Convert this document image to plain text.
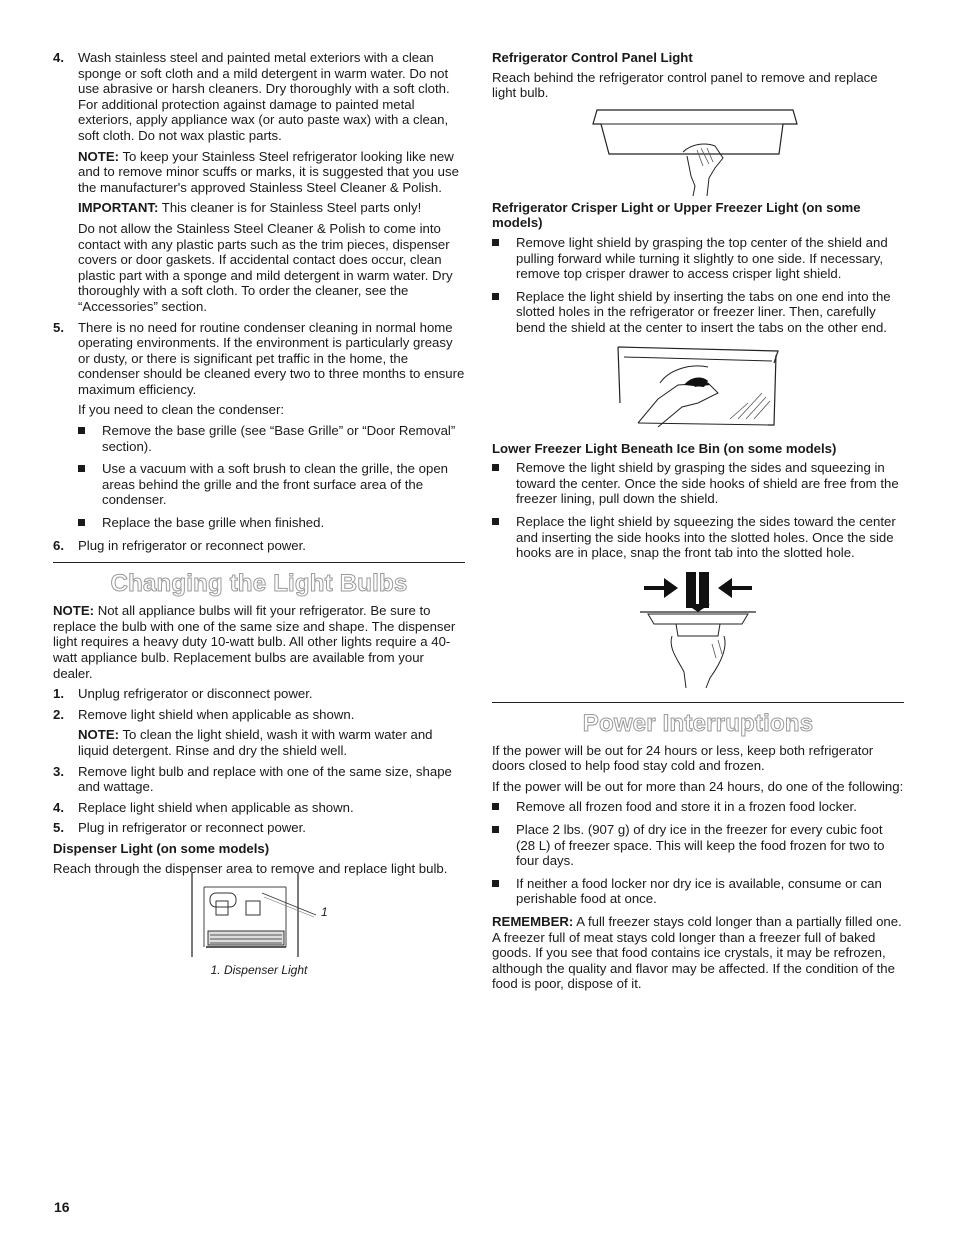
4. Wash stainless steel and painted metal exteriors with a clean sponge or soft cloth and a mild detergent in warm water. Do not use abrasive or harsh cleaners. Dry thoroughly with a soft cloth. For additional protection against damage to painted metal exteriors, apply appliance wax (or auto paste wax) with a clean, soft cloth. Do not wax plastic parts.

NOTE: To keep your Stainless Steel refrigerator looking like new and to remove minor scuffs or marks, it is suggested that you use the manufacturer's approved Stainless Steel Cleaner & Polish.

IMPORTANT: This cleaner is for Stainless Steel parts only!

Do not allow the Stainless Steel Cleaner & Polish to come into contact with any plastic parts such as the trim pieces, dispenser covers or door gaskets. If accidental contact does occur, clean plastic part with a sponge and mild detergent in warm water. Dry thoroughly with a soft cloth. To order the cleaner, see the “Accessories” section.

5. There is no need for routine condenser cleaning in normal home operating environments. If the environment is particularly greasy or dusty, or there is significant pet traffic in the home, the condenser should be cleaned every two to three months to ensure maximum efficiency.

If you need to clean the condenser:

Remove the base grille (see “Base Grille” or “Door Removal” section).
Use a vacuum with a soft brush to clean the grille, the open areas behind the grille and the front surface area of the condenser.
Replace the base grille when finished.
6. Plug in refrigerator or reconnect power.
Changing the Light Bulbs

NOTE: Not all appliance bulbs will fit your refrigerator. Be sure to replace the bulb with one of the same size and shape. The dispenser light requires a heavy duty 10-watt bulb. All other lights require a 40-watt appliance bulb. Replacement bulbs are available from your dealer.

1. Unplug refrigerator or disconnect power.
2. Remove light shield when applicable as shown.

NOTE: To clean the light shield, wash it with warm water and liquid detergent. Rinse and dry the shield well.

3. Remove light bulb and replace with one of the same size, shape and wattage.
4. Replace light shield when applicable as shown.
5. Plug in refrigerator or reconnect power.
Dispenser Light (on some models)

Reach through the dispenser area to remove and replace light bulb.

1
1. Dispenser Light
Refrigerator Control Panel Light

Reach behind the refrigerator control panel to remove and replace light bulb.

Refrigerator Crisper Light or Upper Freezer Light (on some models)
Remove light shield by grasping the top center of the shield and pulling forward while turning it slightly to one side. If necessary, remove top crisper drawer to access crisper light shield.
Replace the light shield by inserting the tabs on one end into the slotted holes in the refrigerator or freezer liner. Then, carefully bend the shield at the center to insert the tabs on the other end.
Lower Freezer Light Beneath Ice Bin (on some models)
Remove the light shield by grasping the sides and squeezing in toward the center. Once the side hooks of shield are free from the freezer lining, pull down the shield.
Replace the light shield by squeezing the sides toward the center and inserting the side hooks into the slotted holes. Once the side hooks are in place, snap the front tab into the slotted hole.
Power Interruptions

If the power will be out for 24 hours or less, keep both refrigerator doors closed to help food stay cold and frozen.

If the power will be out for more than 24 hours, do one of the following:

Remove all frozen food and store it in a frozen food locker.
Place 2 lbs. (907 g) of dry ice in the freezer for every cubic foot (28 L) of freezer space. This will keep the food frozen for two to four days.
If neither a food locker nor dry ice is available, consume or can perishable food at once.

REMEMBER: A full freezer stays cold longer than a partially filled one. A freezer full of meat stays cold longer than a freezer full of baked goods. If you see that food contains ice crystals, it may be refrozen, although the quality and flavor may be affected. If the condition of the food is poor, dispose of it.

16
